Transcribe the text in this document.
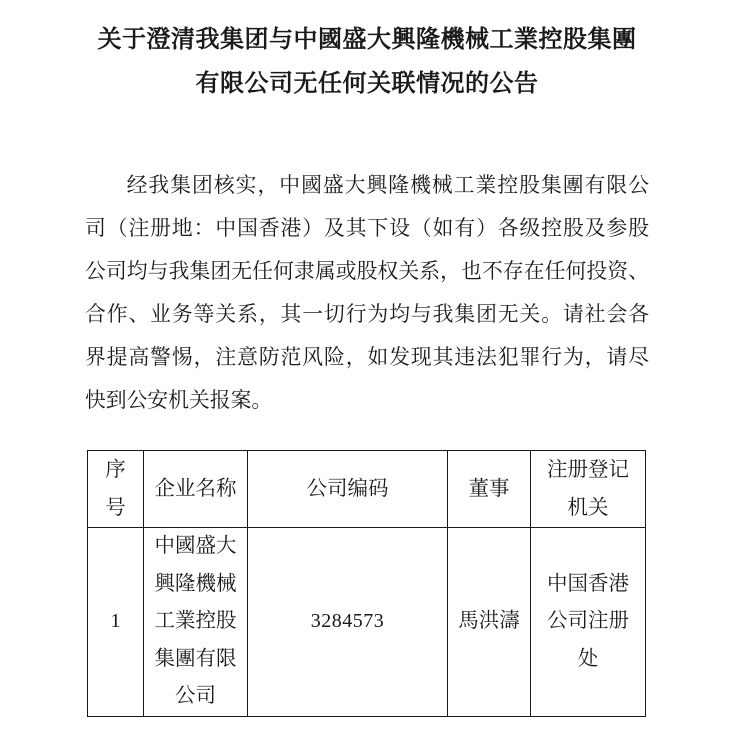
关于澄清我集团与中國盛大興隆機械工業控股集團
有限公司无任何关联情况的公告
经我集团核实，中國盛大興隆機械工業控股集團有限公
司（注册地：中国香港）及其下设（如有）各级控股及参股
公司均与我集团无任何隶属或股权关系，也不存在任何投资、
合作、业务等关系，其一切行为均与我集团无关。请社会各
界提高警惕，注意防范风险，如发现其违法犯罪行为，请尽
快到公安机关报案。
序号	企业名称	公司编码	董事	注册登记机关
1	中國盛大興隆機械工業控股集團有限公司	3284573	馬洪濤	中国香港公司注册处
